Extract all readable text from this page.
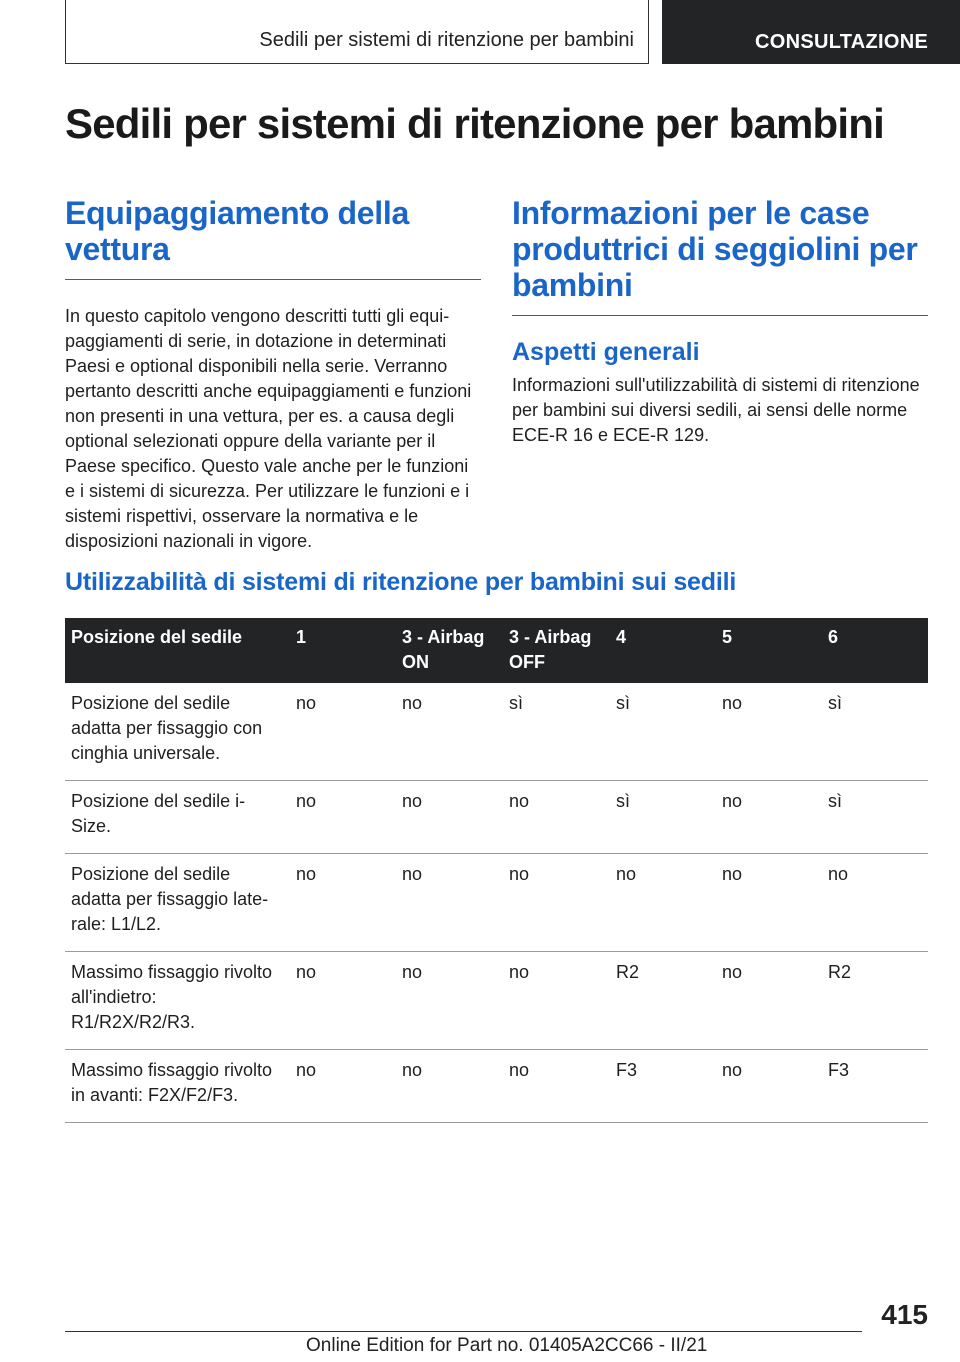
Sedili per sistemi di ritenzione per bambini	CONSULTAZIONE
Sedili per sistemi di ritenzione per bambini
Equipaggiamento della vettura

In questo capitolo vengono descritti tutti gli equipaggiamenti di serie, in dotazione in determinati Paesi e optional disponibili nella serie. Verranno pertanto descritti anche equipaggiamenti e funzioni non presenti in una vettura, per es. a causa degli optional selezionati oppure della variante per il Paese specifico. Questo vale anche per le funzioni e i sistemi di sicurezza. Per utilizzare le funzioni e i sistemi rispettivi, osservare la normativa e le disposizioni nazionali in vigore.

Informazioni per le case produttrici di seggiolini per bambini
Aspetti generali

Informazioni sull'utilizzabilità di sistemi di ritenzione per bambini sui diversi sedili, ai sensi delle norme ECE-R 16 e ECE-R 129.

Utilizzabilità di sistemi di ritenzione per bambini sui sedili
Posizione del sedile	1	3 - Airbag ON	3 - Airbag OFF	4	5	6
Posizione del sedile adatta per fissaggio con cinghia universale.	no	no	sì	sì	no	sì
Posizione del sedile i-Size.	no	no	no	sì	no	sì
Posizione del sedile adatta per fissaggio laterale: L1/L2.	no	no	no	no	no	no
Massimo fissaggio rivolto all'indietro: R1/R2X/R2/R3.	no	no	no	R2	no	R2
Massimo fissaggio rivolto in avanti: F2X/F2/F3.	no	no	no	F3	no	F3
415
Online Edition for Part no. 01405A2CC66 - II/21
